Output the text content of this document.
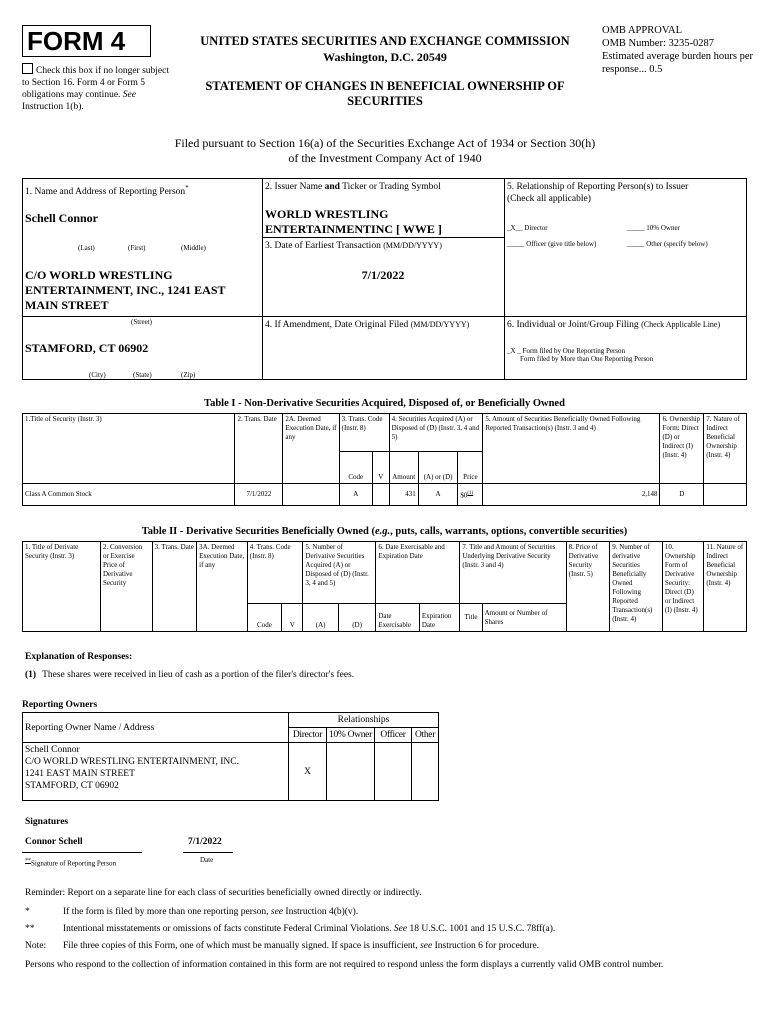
FORM 4
Check this box if no longer subject to Section 16. Form 4 or Form 5 obligations may continue. See Instruction 1(b).
UNITED STATES SECURITIES AND EXCHANGE COMMISSION
Washington, D.C. 20549
STATEMENT OF CHANGES IN BENEFICIAL OWNERSHIP OF SECURITIES
OMB APPROVAL
OMB Number: 3235-0287
Estimated average burden hours per response... 0.5
Filed pursuant to Section 16(a) of the Securities Exchange Act of 1934 or Section 30(h) of the Investment Company Act of 1940
1. Name and Address of Reporting Person*
Schell Connor
(Last)	(First)	(Middle)
C/O WORLD WRESTLING ENTERTAINMENT, INC., 1241 EAST MAIN STREET
(Street)
STAMFORD, CT 06902
(City)	(State)	(Zip)
2. Issuer Name and Ticker or Trading Symbol
WORLD WRESTLING ENTERTAINMENTINC [ WWE ]
3. Date of Earliest Transaction (MM/DD/YYYY)
7/1/2022
4. If Amendment, Date Original Filed (MM/DD/YYYY)
5. Relationship of Reporting Person(s) to Issuer
(Check all applicable)
_X__ Director	_____ 10% Owner
_____ Officer (give title below)	_____ Other (specify below)
6. Individual or Joint/Group Filing (Check Applicable Line)
_X _ Form filed by One Reporting Person
Form filed by More than One Reporting Person
Table I - Non-Derivative Securities Acquired, Disposed of, or Beneficially Owned
1.Title of Security (Instr. 3)	2. Trans. Date	2A. Deemed Execution Date, if any	3. Trans. Code (Instr. 8)		4. Securities Acquired (A) or Disposed of (D) (Instr. 3, 4 and 5)			5. Amount of Securities Beneficially Owned Following Reported Transaction(s) (Instr. 3 and 4)	6. Ownership Form: Direct (D) or Indirect (I) (Instr. 4)	7. Nature of Indirect Beneficial Ownership (Instr. 4)
			Code	V	Amount	(A) or (D)	Price			
Class A Common Stock	7/1/2022		A		431	A	$0$^{(1)}$	2,148	D	
Table II - Derivative Securities Beneficially Owned (e.g., puts, calls, warrants, options, convertible securities)
1. Title of Derivate Security (Instr. 3)	2. Conversion or Exercise Price of Derivative Security	3. Trans. Date	3A. Deemed Execution Date, if any	4. Trans. Code (Instr. 8)		5. Number of Derivative Securities Acquired (A) or Disposed of (D) (Instr. 3, 4 and 5)		6. Date Exercisable and Expiration Date		7. Title and Amount of Securities Underlying Derivative Security (Instr. 3 and 4)		8. Price of Derivative Security (Instr. 5)	9. Number of derivative Securities Beneficially Owned Following Reported Transaction(s) (Instr. 4)	10. Ownership Form of Derivative Security: Direct (D) or Indirect (I) (Instr. 4)	11. Nature of Indirect Beneficial Ownership (Instr. 4)
				Code	V	(A)	(D)	Date Exercisable	Expiration Date	Title	Amount or Number of Shares				
Explanation of Responses:
(1) These shares were received in lieu of cash as a portion of the filer's director's fees.
Reporting Owners
Reporting Owner Name / Address	Relationships			
	Director	10% Owner	Officer	Other

Schell Connor
C/O WORLD WRESTLING ENTERTAINMENT, INC.
1241 EAST MAIN STREET
STAMFORD, CT 06902	X			
Signatures
Connor Schell	7/1/2022
**Signature of Reporting Person	Date
Reminder: Report on a separate line for each class of securities beneficially owned directly or indirectly.
*	If the form is filed by more than one reporting person, see Instruction 4(b)(v).
**	Intentional misstatements or omissions of facts constitute Federal Criminal Violations. See 18 U.S.C. 1001 and 15 U.S.C. 78ff(a).
Note: File three copies of this Form, one of which must be manually signed. If space is insufficient, see Instruction 6 for procedure.
Persons who respond to the collection of information contained in this form are not required to respond unless the form displays a currently valid OMB control number.
